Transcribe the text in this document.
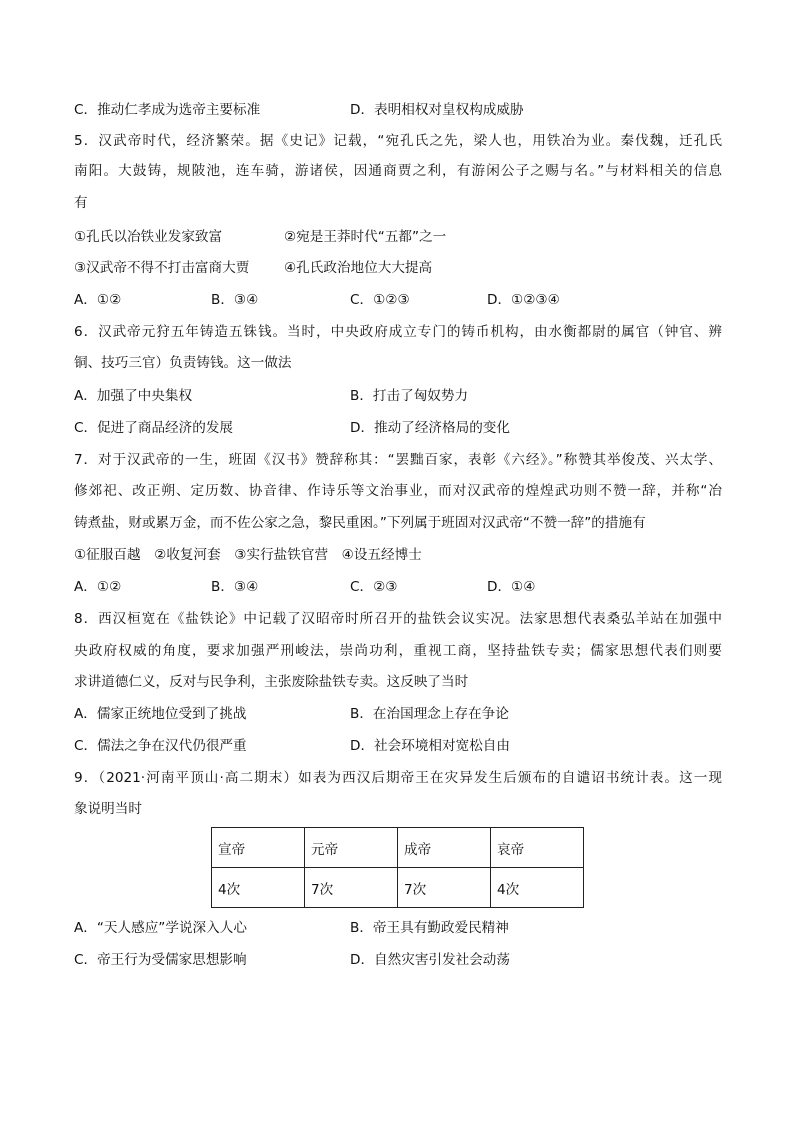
C．推动仁孝成为选帝主要标准	D．表明相权对皇权构成威胁
5．汉武帝时代，经济繁荣。据《史记》记载，“宛孔氏之先，梁人也，用铁冶为业。秦伐魏，迁孔氏
南阳。大鼓铸，规陂池，连车骑，游诸侯，因通商贾之利，有游闲公子之赐与名。”与材料相关的信息
有
①孔氏以冶铁业发家致富	②宛是王莽时代“五都”之一
③汉武帝不得不打击富商大贾	④孔氏政治地位大大提高
A．①②	B．③④	C．①②③	D．①②③④
6．汉武帝元狩五年铸造五铢钱。当时，中央政府成立专门的铸币机构，由水衡都尉的属官（钟官、辨
铜、技巧三官）负责铸钱。这一做法
A．加强了中央集权	B．打击了匈奴势力
C．促进了商品经济的发展	D．推动了经济格局的变化
7．对于汉武帝的一生，班固《汉书》赞辞称其：“罢黜百家，表彰《六经》。”称赞其举俊茂、兴太学、
修郊祀、改正朔、定历数、协音律、作诗乐等文治事业，而对汉武帝的煌煌武功则不赞一辞，并称“冶
铸煮盐，财或累万金，而不佐公家之急，黎民重困。”下列属于班固对汉武帝“不赞一辞”的措施有
①征服百越　②收复河套　③实行盐铁官营　④设五经博士
A．①②	B．③④	C．②③	D．①④
8．西汉桓宽在《盐铁论》中记载了汉昭帝时所召开的盐铁会议实况。法家思想代表桑弘羊站在加强中
央政府权威的角度，要求加强严刑峻法，崇尚功利，重视工商，坚持盐铁专卖；儒家思想代表们则要
求讲道德仁义，反对与民争利，主张废除盐铁专卖。这反映了当时
A．儒家正统地位受到了挑战	B．在治国理念上存在争论
C．儒法之争在汉代仍很严重	D．社会环境相对宽松自由
9．（2021·河南平顶山·高二期末）如表为西汉后期帝王在灾异发生后颁布的自谴诏书统计表。这一现
象说明当时
宣帝	元帝	成帝	哀帝
4次	7次	7次	4次
A．“天人感应”学说深入人心	B．帝王具有勤政爱民精神
C．帝王行为受儒家思想影响	D．自然灾害引发社会动荡
